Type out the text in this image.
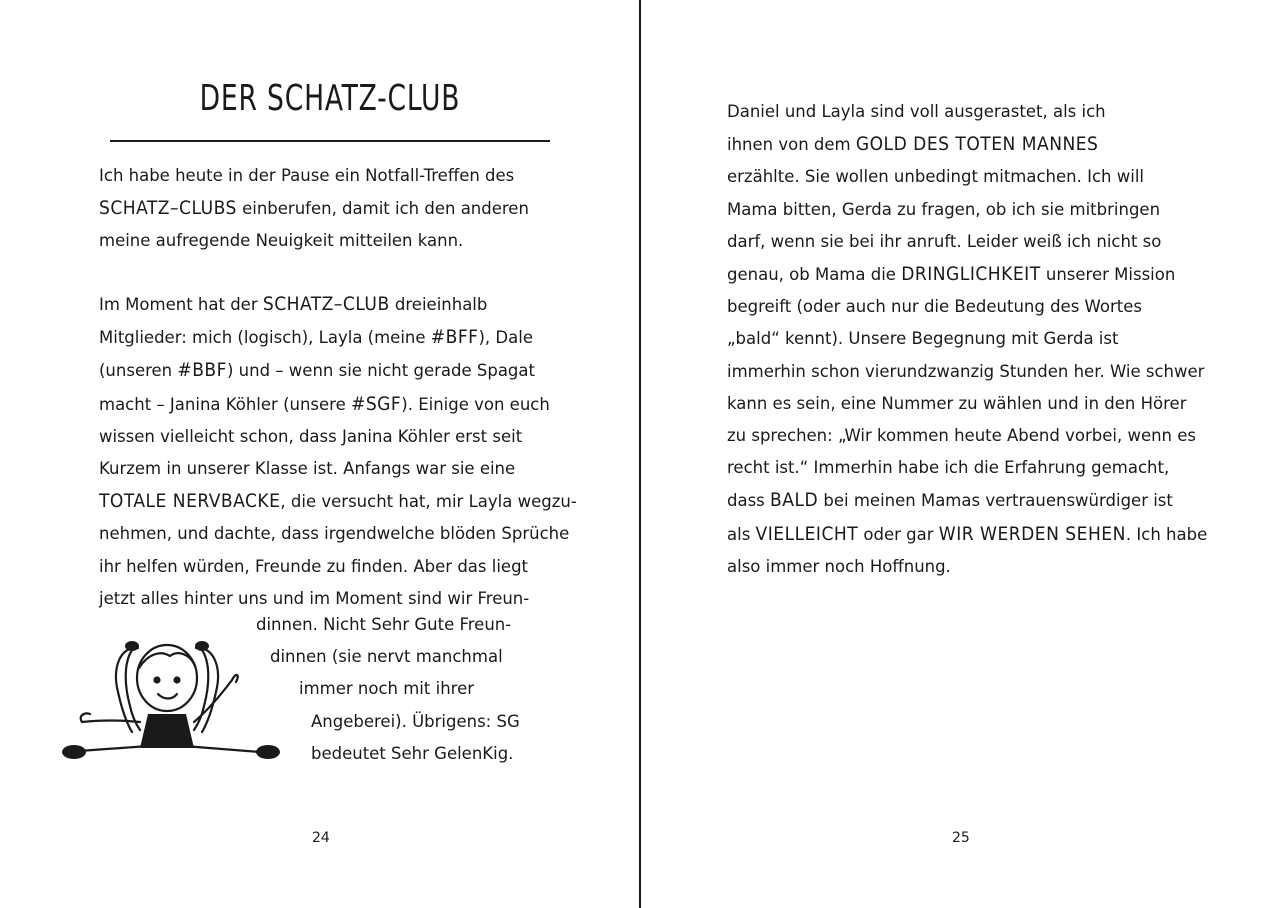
DER SCHATZ-CLUB
Ich habe heute in der Pause ein Notfall-Treffen des
SCHATZ–CLUBS einberufen, damit ich den anderen
meine aufregende Neuigkeit mitteilen kann.
Im Moment hat der SCHATZ–CLUB dreieinhalb
Mitglieder: mich (logisch), Layla (meine #BFF), Dale
(unseren #BBF) und – wenn sie nicht gerade Spagat
macht – Janina Köhler (unsere #SGF). Einige von euch
wissen vielleicht schon, dass Janina Köhler erst seit
Kurzem in unserer Klasse ist. Anfangs war sie eine
TOTALE NERVBACKE, die versucht hat, mir Layla wegzu-
nehmen, und dachte, dass irgendwelche blöden Sprüche
ihr helfen würden, Freunde zu finden. Aber das liegt
jetzt alles hinter uns und im Moment sind wir Freun-
dinnen. Nicht Sehr Gute Freun-
dinnen (sie nervt manchmal
immer noch mit ihrer
Angeberei). Übrigens: SG
bedeutet Sehr GelenKig.
24
Daniel und Layla sind voll ausgerastet, als ich
ihnen von dem GOLD DES TOTEN MANNES
erzählte. Sie wollen unbedingt mitmachen. Ich will
Mama bitten, Gerda zu fragen, ob ich sie mitbringen
darf, wenn sie bei ihr anruft. Leider weiß ich nicht so
genau, ob Mama die DRINGLICHKEIT unserer Mission
begreift (oder auch nur die Bedeutung des Wortes
„bald“ kennt). Unsere Begegnung mit Gerda ist
immerhin schon vierundzwanzig Stunden her. Wie schwer
kann es sein, eine Nummer zu wählen und in den Hörer
zu sprechen: „Wir kommen heute Abend vorbei, wenn es
recht ist.“ Immerhin habe ich die Erfahrung gemacht,
dass BALD bei meinen Mamas vertrauenswürdiger ist
als VIELLEICHT oder gar WIR WERDEN SEHEN. Ich habe
also immer noch Hoffnung.
25
